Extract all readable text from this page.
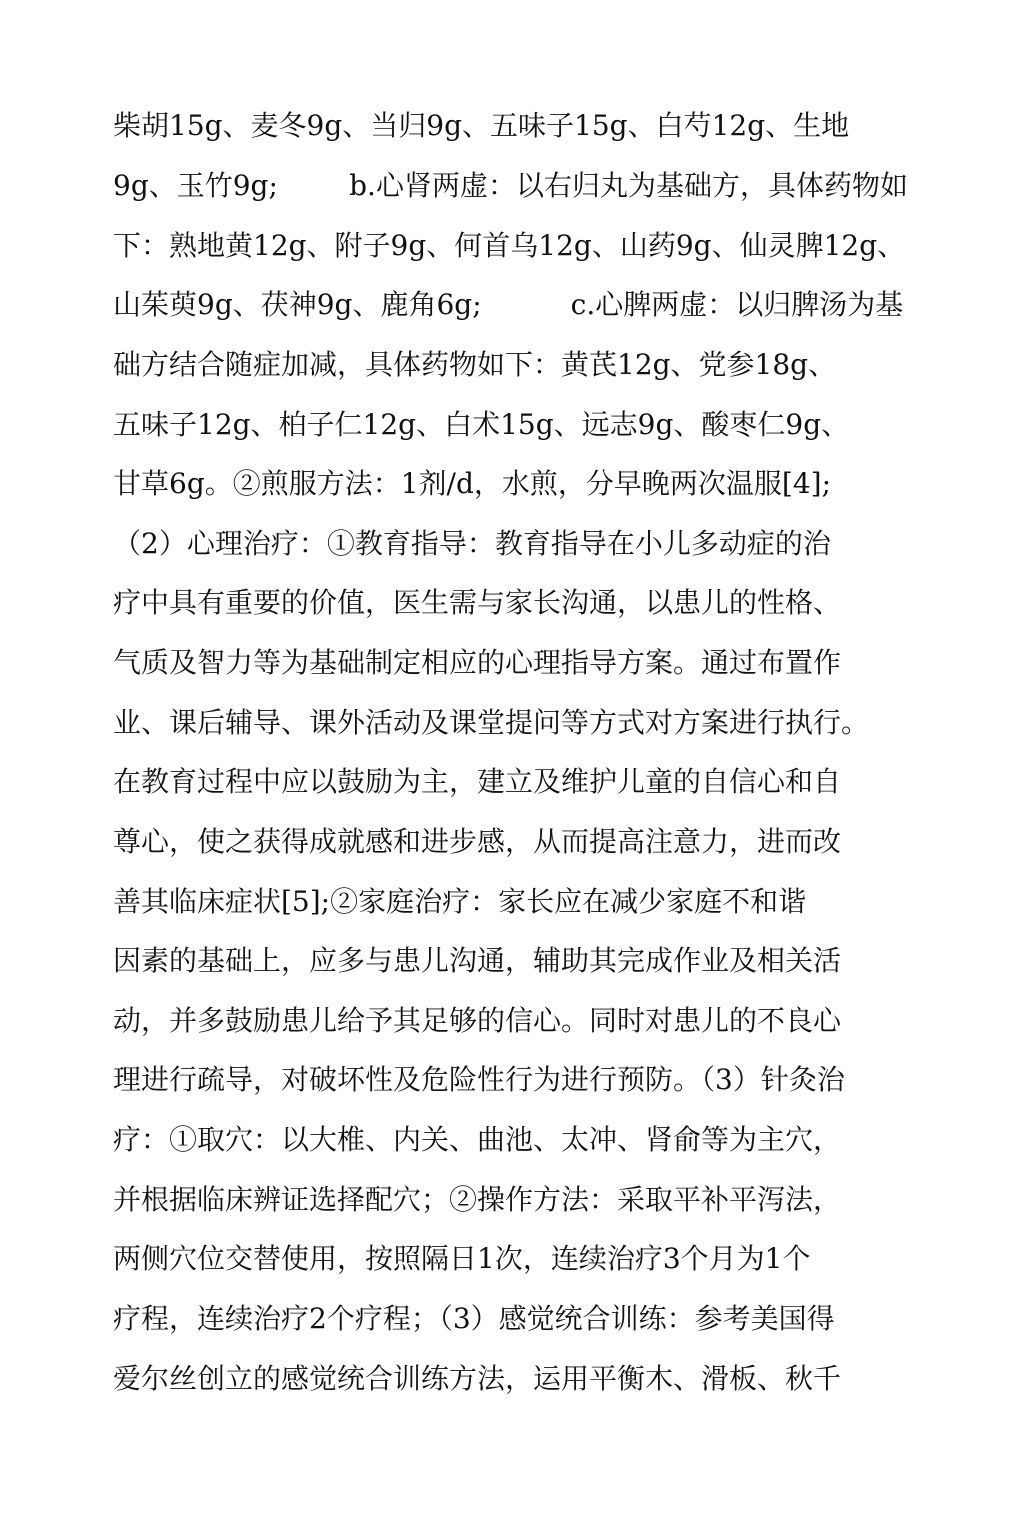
柴胡15g、麦冬9g、当归9g、五味子15g、白芍12g、生地
9g、玉竹9g;        b.心肾两虚：以右归丸为基础方，具体药物如
下：熟地黄12g、附子9g、何首乌12g、山药9g、仙灵脾12g、
山茱萸9g、茯神9g、鹿角6g;          c.心脾两虚：以归脾汤为基
础方结合随症加减，具体药物如下：黄芪12g、党参18g、
五味子12g、柏子仁12g、白术15g、远志9g、酸枣仁9g、
甘草6g。②煎服方法：1剂/d，水煎，分早晚两次温服[4];
（2）心理治疗：①教育指导：教育指导在小儿多动症的治
疗中具有重要的价值，医生需与家长沟通，以患儿的性格、
气质及智力等为基础制定相应的心理指导方案。通过布置作
业、课后辅导、课外活动及课堂提问等方式对方案进行执行。
在教育过程中应以鼓励为主，建立及维护儿童的自信心和自
尊心，使之获得成就感和进步感，从而提高注意力，进而改
善其临床症状[5];②家庭治疗：家长应在减少家庭不和谐
因素的基础上，应多与患儿沟通，辅助其完成作业及相关活
动，并多鼓励患儿给予其足够的信心。同时对患儿的不良心
理进行疏导，对破坏性及危险性行为进行预防。（3）针灸治
疗：①取穴：以大椎、内关、曲池、太冲、肾俞等为主穴，
并根据临床辨证选择配穴；②操作方法：采取平补平泻法，
两侧穴位交替使用，按照隔日1次，连续治疗3个月为1个
疗程，连续治疗2个疗程；（3）感觉统合训练：参考美国得
爱尔丝创立的感觉统合训练方法，运用平衡木、滑板、秋千
